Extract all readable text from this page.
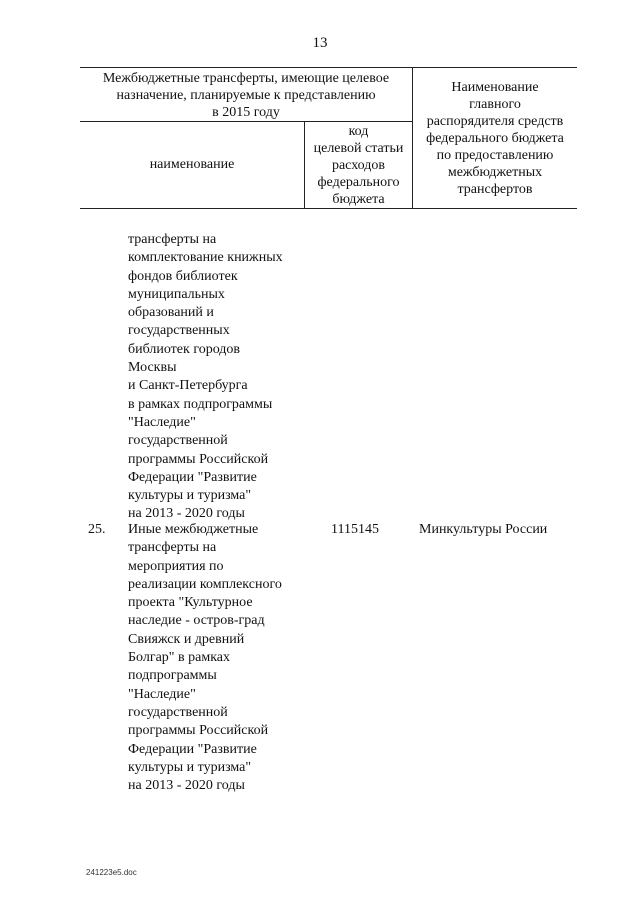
13
Межбюджетные трансферты, имеющие целевое
назначение, планируемые к представлению
в 2015 году
наименование
код
целевой статьи
расходов
федерального
бюджета
Наименование
главного
распорядителя средств
федерального бюджета
по предоставлению
межбюджетных
трансфертов
трансферты на
комплектование книжных
фондов библиотек
муниципальных
образований и
государственных
библиотек городов
Москвы
и Санкт-Петербурга
в рамках подпрограммы
"Наследие"
государственной
программы Российской
Федерации "Развитие
культуры и туризма"
на 2013 - 2020 годы
25. Иные межбюджетные
трансферты на
мероприятия по
реализации комплексного
проекта "Культурное
наследие - остров-град
Свияжск и древний
Болгар" в рамках
подпрограммы
"Наследие"
государственной
программы Российской
Федерации "Развитие
культуры и туризма"
на 2013 - 2020 годы
1115145	Минкультуры России
241223e5.doc
